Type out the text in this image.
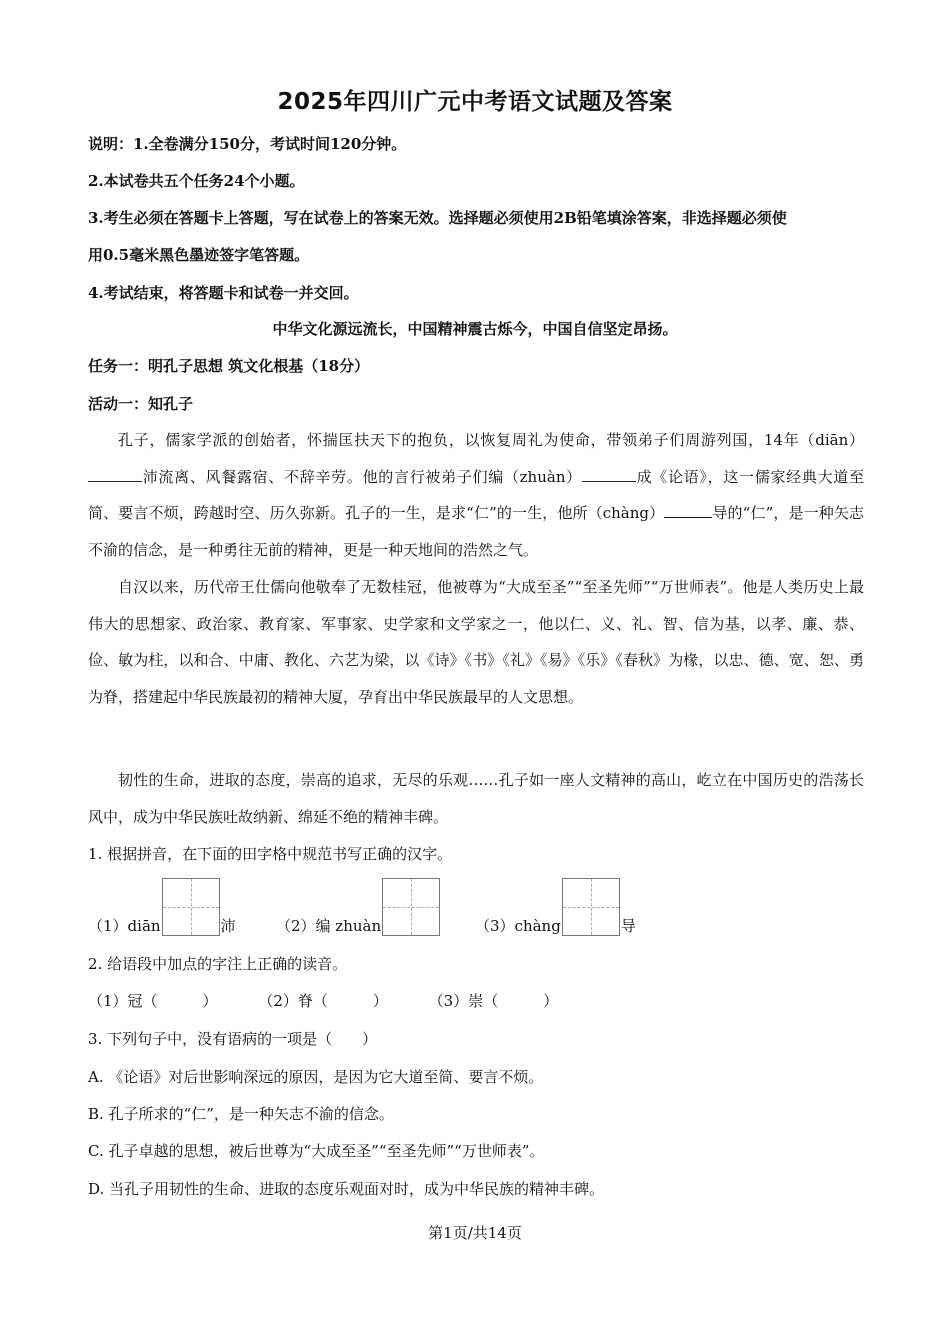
2025年四川广元中考语文试题及答案
说明：1.全卷满分150分，考试时间120分钟。
2.本试卷共五个任务24个小题。
3.考生必须在答题卡上答题，写在试卷上的答案无效。选择题必须使用2B铅笔填涂答案，非选择题必须使
用0.5毫米黑色墨迹签字笔答题。
4.考试结束，将答题卡和试卷一并交回。
中华文化源远流长，中国精神震古烁今，中国自信坚定昂扬。
任务一：明孔子思想 筑文化根基（18分）
活动一：知孔子
孔子，儒家学派的创始者，怀揣匡扶天下的抱负，以恢复周礼为使命，带领弟子们周游列国，14年（diān）沛流离、风餐露宿、不辞辛劳。他的言行被弟子们编（zhuàn）	成《论语》，这一儒家经典大道至简、要言不烦，跨越时空、历久弥新。孔子的一生，是求“仁”的一生，他所（chàng）	导的“仁”，是一种矢志不渝的信念，是一种勇往无前的精神，更是一种天地间的浩然之气。
自汉以来，历代帝王仕儒向他敬奉了无数桂冠，他被尊为“大成至圣”“至圣先师”“万世师表”。他是人类历史上最伟大的思想家、政治家、教育家、军事家、史学家和文学家之一，他以仁、义、礼、智、信为基，以孝、廉、恭、俭、敏为柱，以和合、中庸、教化、六艺为梁，以《诗》《书》《礼》《易》《乐》《春秋》为椽，以忠、德、宽、恕、勇为脊，搭建起中华民族最初的精神大厦，孕育出中华民族最早的人文思想。
韧性的生命，进取的态度，崇高的追求，无尽的乐观……孔子如一座人文精神的高山，屹立在中国历史的浩荡长风中，成为中华民族吐故纳新、绵延不绝的精神丰碑。
1. 根据拼音，在下面的田字格中规范书写正确的汉字。
（1）diān	沛	（2）编 zhuàn	（3）chàng	导
2. 给语段中加点的字注上正确的读音。
（1）冠（　　　）	（2）脊（　　　）	（3）崇（　　　）
3. 下列句子中，没有语病的一项是（　　）
A. 《论语》对后世影响深远的原因，是因为它大道至简、要言不烦。
B. 孔子所求的“仁”，是一种矢志不渝的信念。
C. 孔子卓越的思想，被后世尊为“大成至圣”“至圣先师”“万世师表”。
D. 当孔子用韧性的生命、进取的态度乐观面对时，成为中华民族的精神丰碑。
第1页/共14页
